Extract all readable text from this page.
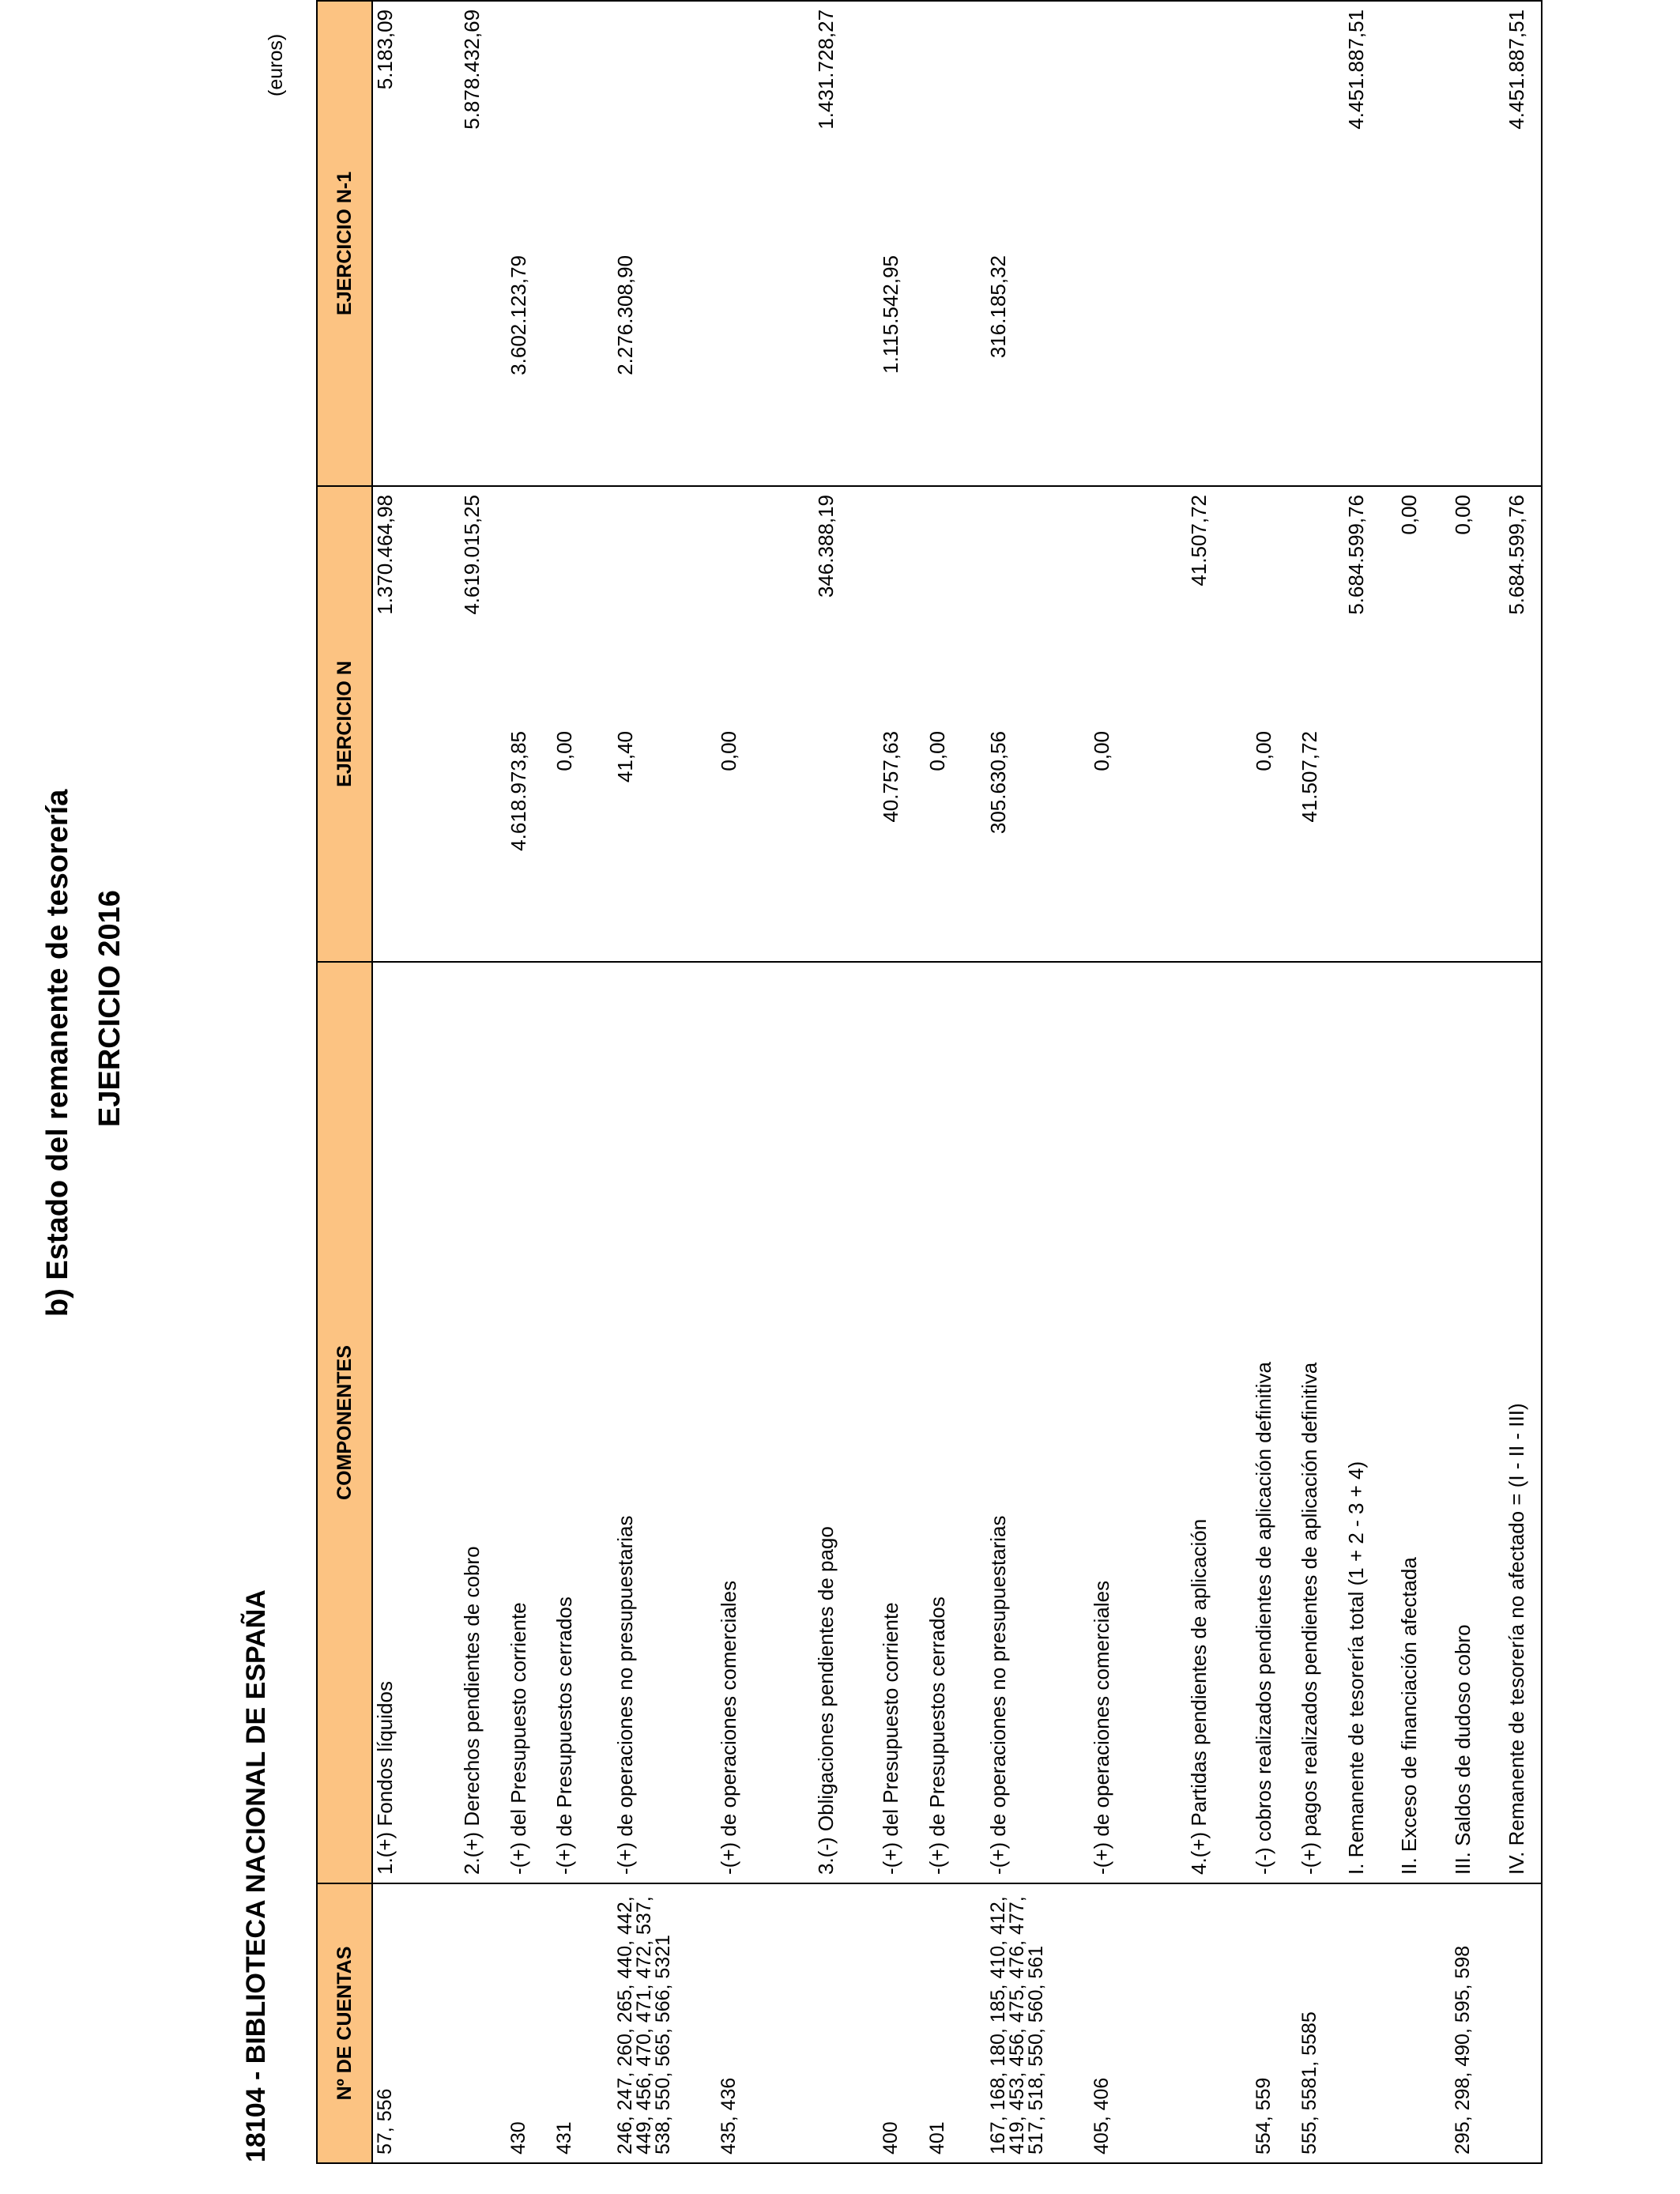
b) Estado del remanente de tesorería EJERCICIO 2016
18104 - BIBLIOTECA NACIONAL DE ESPAÑA
(euros)
Nº DE CUENTAS	COMPONENTES	EJERCICIO N		EJERCICIO N-1	
57, 556	1.(+) Fondos líquidos		1.370.464,98		5.183,09
	2.(+) Derechos pendientes de cobro		4.619.015,25		5.878.432,69
430	-(+) del Presupuesto corriente	4.618.973,85		3.602.123,79	
431	-(+) de Presupuestos cerrados	0,00			
246, 247, 260, 265, 440, 442, 449, 456, 470, 471, 472, 537, 538, 550, 565, 566, 5321	-(+) de operaciones no presupuestarias	41,40		2.276.308,90	
435, 436	-(+) de operaciones comerciales	0,00			
	3.(-) Obligaciones pendientes de pago		346.388,19		1.431.728,27
400	-(+) del Presupuesto corriente	40.757,63		1.115.542,95	
401	-(+) de Presupuestos cerrados	0,00			
167, 168, 180, 185, 410, 412, 419, 453, 456, 475, 476, 477, 517, 518, 550, 560, 561	-(+) de operaciones no presupuestarias	305.630,56		316.185,32	
405, 406	-(+) de operaciones comerciales	0,00			
	4.(+) Partidas pendientes de aplicación		41.507,72		
554, 559	-(-) cobros realizados pendientes de aplicación definitiva	0,00			
555, 5581, 5585	-(+) pagos realizados pendientes de aplicación definitiva	41.507,72			
	I. Remanente de tesorería total (1 + 2 - 3 + 4)		5.684.599,76		4.451.887,51
	II. Exceso de financiación afectada		0,00		
295, 298, 490, 595, 598	III. Saldos de dudoso cobro		0,00		
	IV. Remanente de tesorería no afectado = (I - II - III)		5.684.599,76		4.451.887,51
